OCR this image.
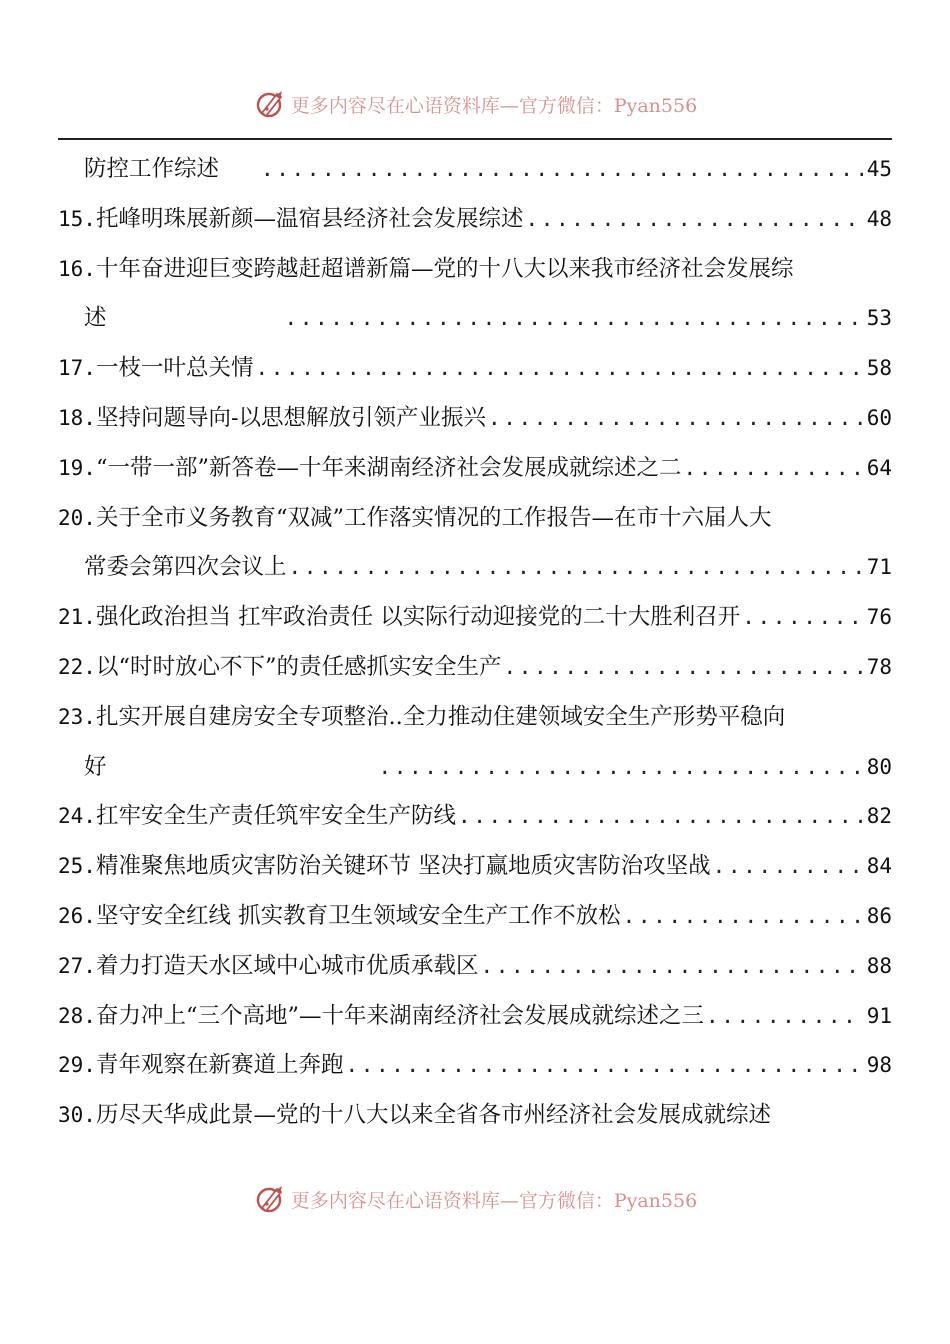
更多内容尽在心语资料库—官方微信：Pyan556
防控工作综述 .....	45
15. 托峰明珠展新颜—温宿县经济社会发展综述 .....	48
16. 十年奋进迎巨变跨越赶超谱新篇—党的十八大以来我市经济社会发展综
述 .....	53
17. 一枝一叶总关情 .....	58
18. 坚持问题导向-以思想解放引领产业振兴 .....	60
19. “一带一部”新答卷—十年来湖南经济社会发展成就综述之二 .....	64
20. 关于全市义务教育“双减”工作落实情况的工作报告—在市十六届人大
常委会第四次会议上 .....	71
21. 强化政治担当 扛牢政治责任 以实际行动迎接党的二十大胜利召开 .....	76
22. 以“时时放心不下”的责任感抓实安全生产 .....	78
23. 扎实开展自建房安全专项整治..全力推动住建领域安全生产形势平稳向
好 .....	80
24. 扛牢安全生产责任筑牢安全生产防线 .....	82
25. 精准聚焦地质灾害防治关键环节 坚决打赢地质灾害防治攻坚战 .....	84
26. 坚守安全红线 抓实教育卫生领域安全生产工作不放松 .....	86
27. 着力打造天水区域中心城市优质承载区 .....	88
28. 奋力冲上“三个高地”—十年来湖南经济社会发展成就综述之三 .....	91
29. 青年观察在新赛道上奔跑 .....	98
30. 历尽天华成此景—党的十八大以来全省各市州经济社会发展成就综述
更多内容尽在心语资料库—官方微信：Pyan556
